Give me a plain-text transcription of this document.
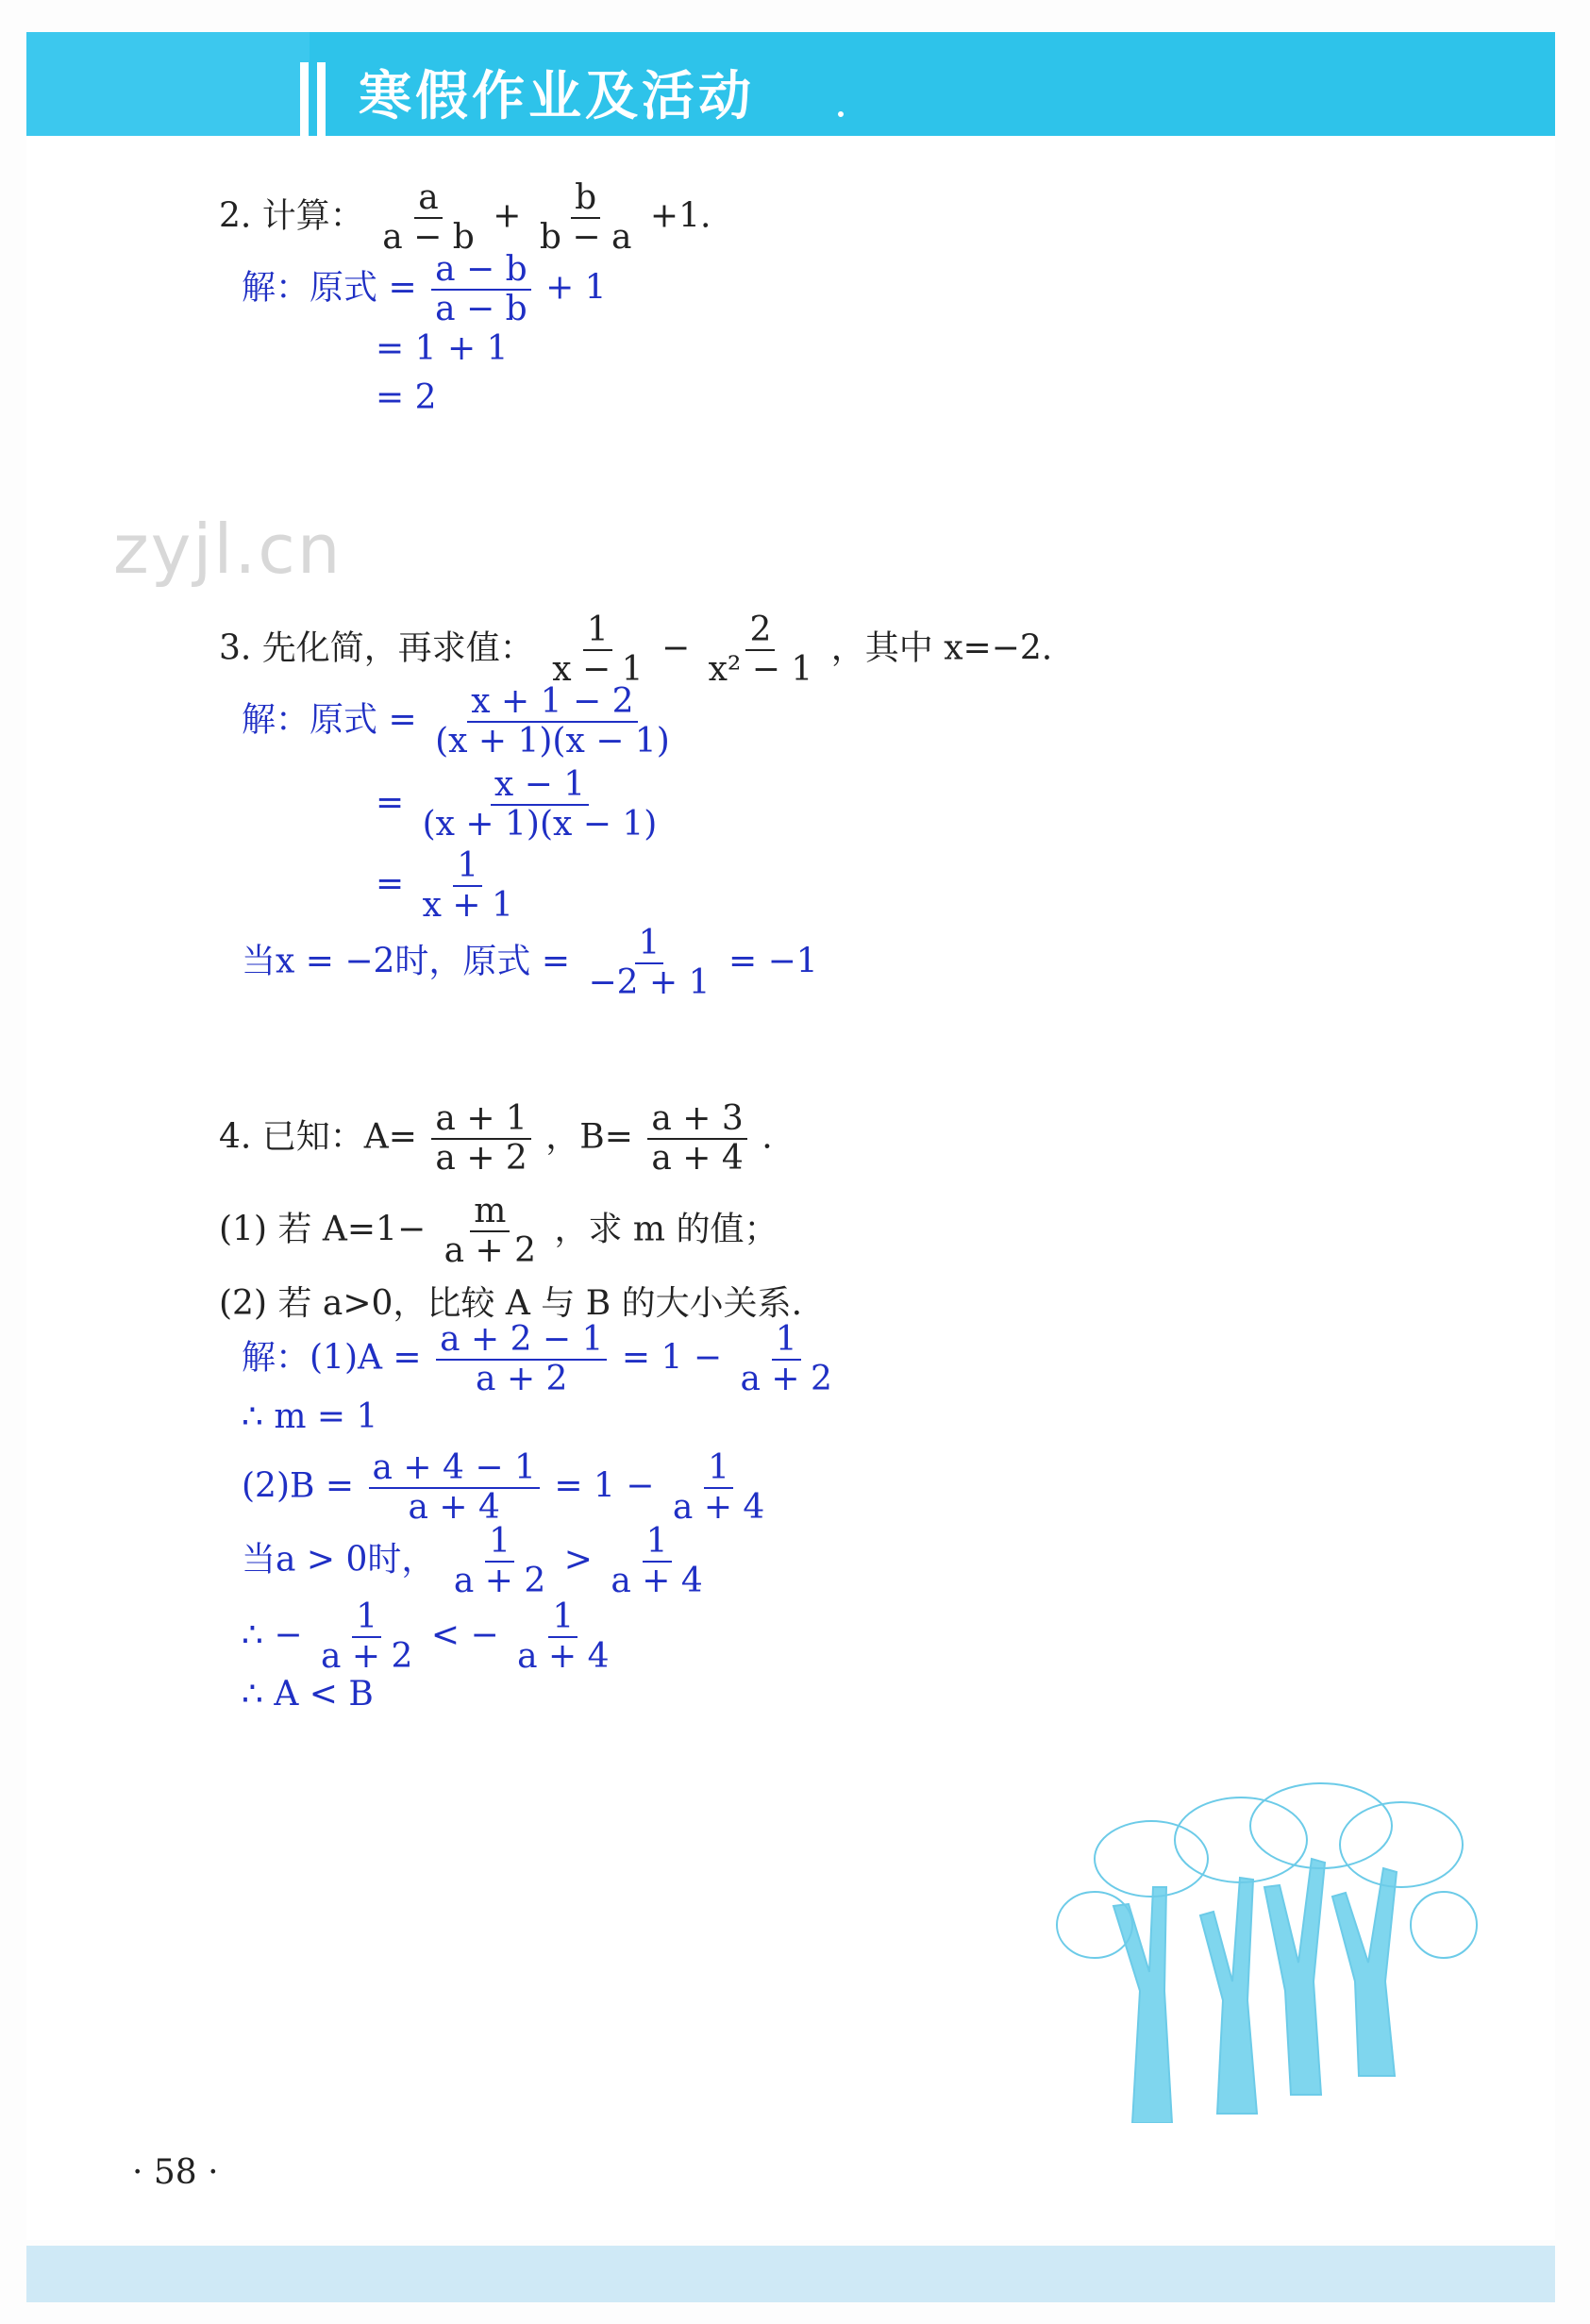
寒假作业及活动
zyjl.cn
2. 计算： $\frac{a}{a - b} + \frac{b}{b - a} +1$.
解：原式 = $\frac{a - b}{a - b} + 1$
= 1 + 1
= 2
3. 先化简，再求值： $\frac{1}{x - 1} - \frac{2}{\text{x² − 1}}$ ，其中 x=−2.
解：原式 = $\frac{x + 1 - 2}{(x + 1)(x - 1)}$
= $\frac{x - 1}{(x + 1)(x - 1)}$
= $\frac{1}{x + 1}$
当x = −2时，原式 = $\frac{1}{-2 + 1} = -1$
4. 已知：$A= \frac{a + 1}{a + 2}$ ，$B= \frac{a + 3}{a + 4}$ .
(1) 若 $A=1- \frac{m}{a + 2}$ ，求 m 的值；
(2) 若 a>0，比较 A 与 B 的大小关系.
解：$(1)A = \frac{a + 2 - 1}{a + 2} = 1 - \frac{1}{a + 2}$
∴ m = 1
$(2)B = \frac{a + 4 - 1}{a + 4} = 1 - \frac{1}{a + 4}$
当a > 0时， $\frac{1}{a + 2} > \frac{1}{a + 4}$
∴ − $\frac{1}{a + 2}$ < − $\frac{1}{a + 4}$
∴ A < B
· 58 ·
